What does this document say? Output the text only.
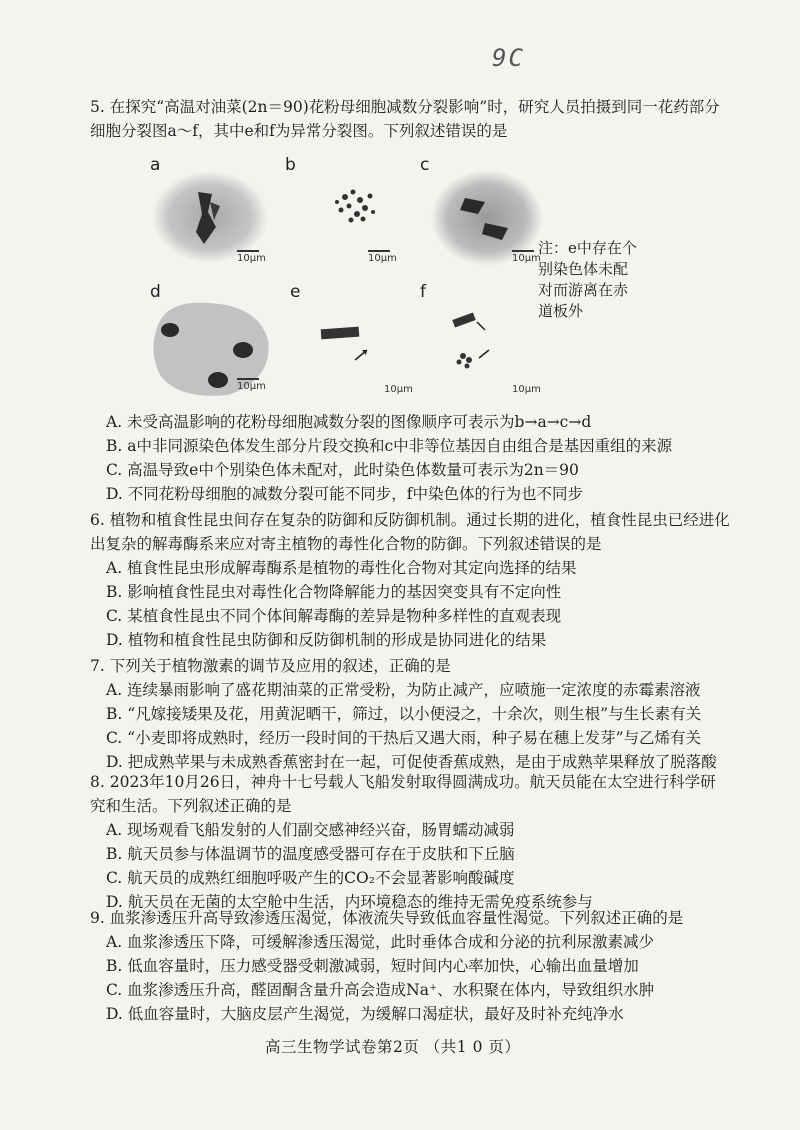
9C

5. 在探究“高温对油菜(2n＝90)花粉母细胞减数分裂影响”时，研究人员拍摄到同一花药部分细胞分裂图a～f，其中e和f为异常分裂图。下列叙述错误的是

a	b	c
d	e	f
10μm	10μm	10μm
10μm	10μm	10μm
注：e中存在个别染色体未配对而游离在赤道板外

A. 未受高温影响的花粉母细胞减数分裂的图像顺序可表示为b→a→c→d

B. a中非同源染色体发生部分片段交换和c中非等位基因自由组合是基因重组的来源

C. 高温导致e中个别染色体未配对，此时染色体数量可表示为2n＝90

D. 不同花粉母细胞的减数分裂可能不同步，f中染色体的行为也不同步

6. 植物和植食性昆虫间存在复杂的防御和反防御机制。通过长期的进化，植食性昆虫已经进化出复杂的解毒酶系来应对寄主植物的毒性化合物的防御。下列叙述错误的是

A. 植食性昆虫形成解毒酶系是植物的毒性化合物对其定向选择的结果

B. 影响植食性昆虫对毒性化合物降解能力的基因突变具有不定向性

C. 某植食性昆虫不同个体间解毒酶的差异是物种多样性的直观表现

D. 植物和植食性昆虫防御和反防御机制的形成是协同进化的结果

7. 下列关于植物激素的调节及应用的叙述，正确的是

A. 连续暴雨影响了盛花期油菜的正常受粉，为防止减产，应喷施一定浓度的赤霉素溶液

B. “凡嫁接矮果及花，用黄泥晒干，筛过，以小便浸之，十余次，则生根”与生长素有关

C. “小麦即将成熟时，经历一段时间的干热后又遇大雨，种子易在穗上发芽”与乙烯有关

D. 把成熟苹果与未成熟香蕉密封在一起，可促使香蕉成熟，是由于成熟苹果释放了脱落酸

8. 2023年10月26日，神舟十七号载人飞船发射取得圆满成功。航天员能在太空进行科学研究和生活。下列叙述正确的是

A. 现场观看飞船发射的人们副交感神经兴奋，肠胃蠕动减弱

B. 航天员参与体温调节的温度感受器可存在于皮肤和下丘脑

C. 航天员的成熟红细胞呼吸产生的CO₂不会显著影响酸碱度

D. 航天员在无菌的太空舱中生活，内环境稳态的维持无需免疫系统参与

9. 血浆渗透压升高导致渗透压渴觉，体液流失导致低血容量性渴觉。下列叙述正确的是

A. 血浆渗透压下降，可缓解渗透压渴觉，此时垂体合成和分泌的抗利尿激素减少

B. 低血容量时，压力感受器受刺激减弱，短时间内心率加快，心输出血量增加

C. 血浆渗透压升高，醛固酮含量升高会造成Na⁺、水积聚在体内，导致组织水肿

D. 低血容量时，大脑皮层产生渴觉，为缓解口渴症状，最好及时补充纯净水

高三生物学试卷第2页 （共1 0 页）
